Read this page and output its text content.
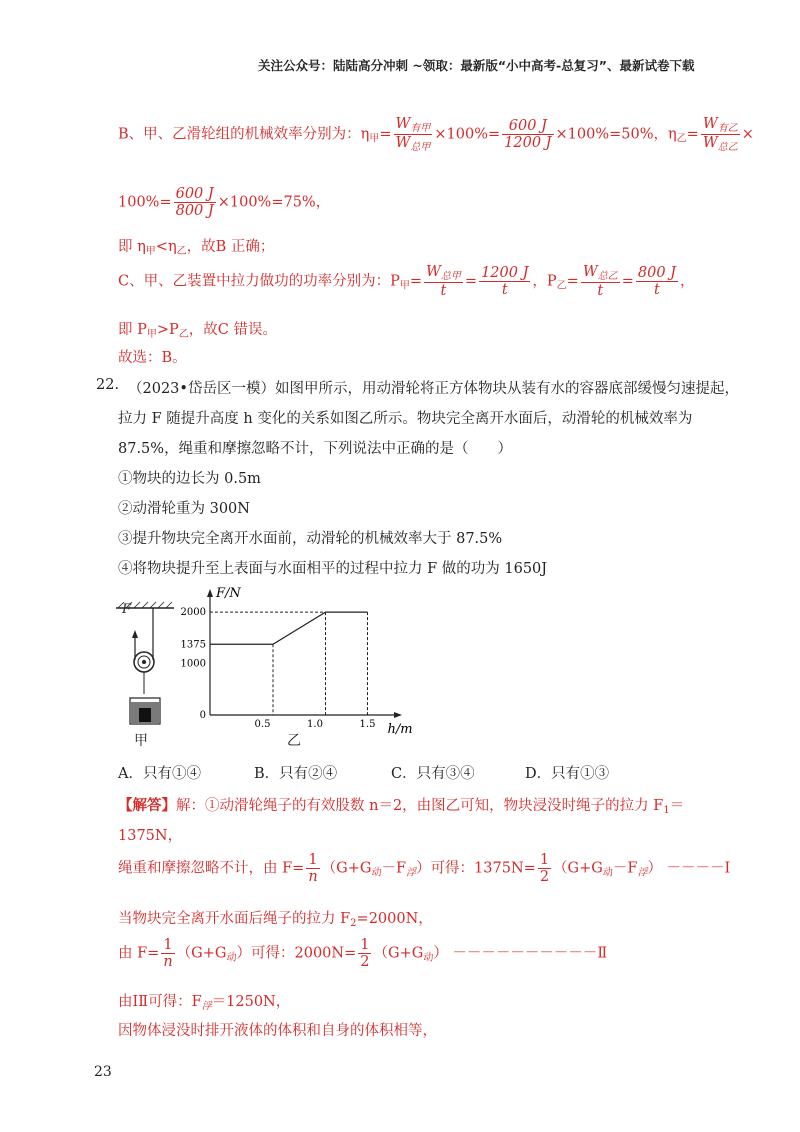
关注公众号：陆陆高分冲刺 ~领取：最新版“小中高考-总复习”、最新试卷下载
B、甲、乙滑轮组的机械效率分别为：$\eta_甲= \frac{W_{有甲}}{W_{总甲}} \times 100\%= \frac{600 J}{1200 J} \times 100\%=50\%$，$\eta_乙= \frac{W_{有乙}}{W_{总乙}}$ ×
$100\%= \frac{600 J}{800 J} \times 100\%=75\%$，
即 $\eta_甲<\eta_乙$，故B 正确；
C、甲、乙装置中拉力做功的功率分别为：$P_甲= \frac{W_{总甲}}{t} = \frac{1200 J}{t}$ ，$P_乙= \frac{W_{总乙}}{t} = \frac{800 J}{t}$ ，
即 $P_甲>P_乙$，故C 错误。
故选：B。
22. （2023•岱岳区一模）如图甲所示，用动滑轮将正方体物块从装有水的容器底部缓慢匀速提起，
拉力 F 随提升高度 h 变化的关系如图乙所示。物块完全离开水面后，动滑轮的机械效率为
87.5%，绳重和摩擦忽略不计，下列说法中正确的是（　　）
①物块的边长为 0.5m
②动滑轮重为 300N
③提升物块完全离开水面前，动滑轮的机械效率大于 87.5%
④将物块提升至上表面与水面相平的过程中拉力 F 做的功为 1650J
F
甲
2000
1375
1000
0
0.5	1.0	1.5
F/N
h/m
乙
A．只有①④	B．只有②④	C．只有③④	D．只有①③
【解答】解：①动滑轮绳子的有效股数 n＝2，由图乙可知，物块浸没时绳子的拉力 $F_1=$
1375N，
绳重和摩擦忽略不计，由 $F= \frac{1}{n} (G+G_动-F_浮)$可得：$1375N= \frac{1}{2} (G+G_动-F_浮)$ －－－－Ⅰ
当物块完全离开水面后绳子的拉力 $F_2=2000N$，
由 $F= \frac{1}{n} (G+G_动)$可得：$2000N= \frac{1}{2} (G+G_动)$ －－－－－－－－－－Ⅱ
由ⅠⅡ可得：$F_浮=1250N$，
因物体浸没时排开液体的体积和自身的体积相等，
23
